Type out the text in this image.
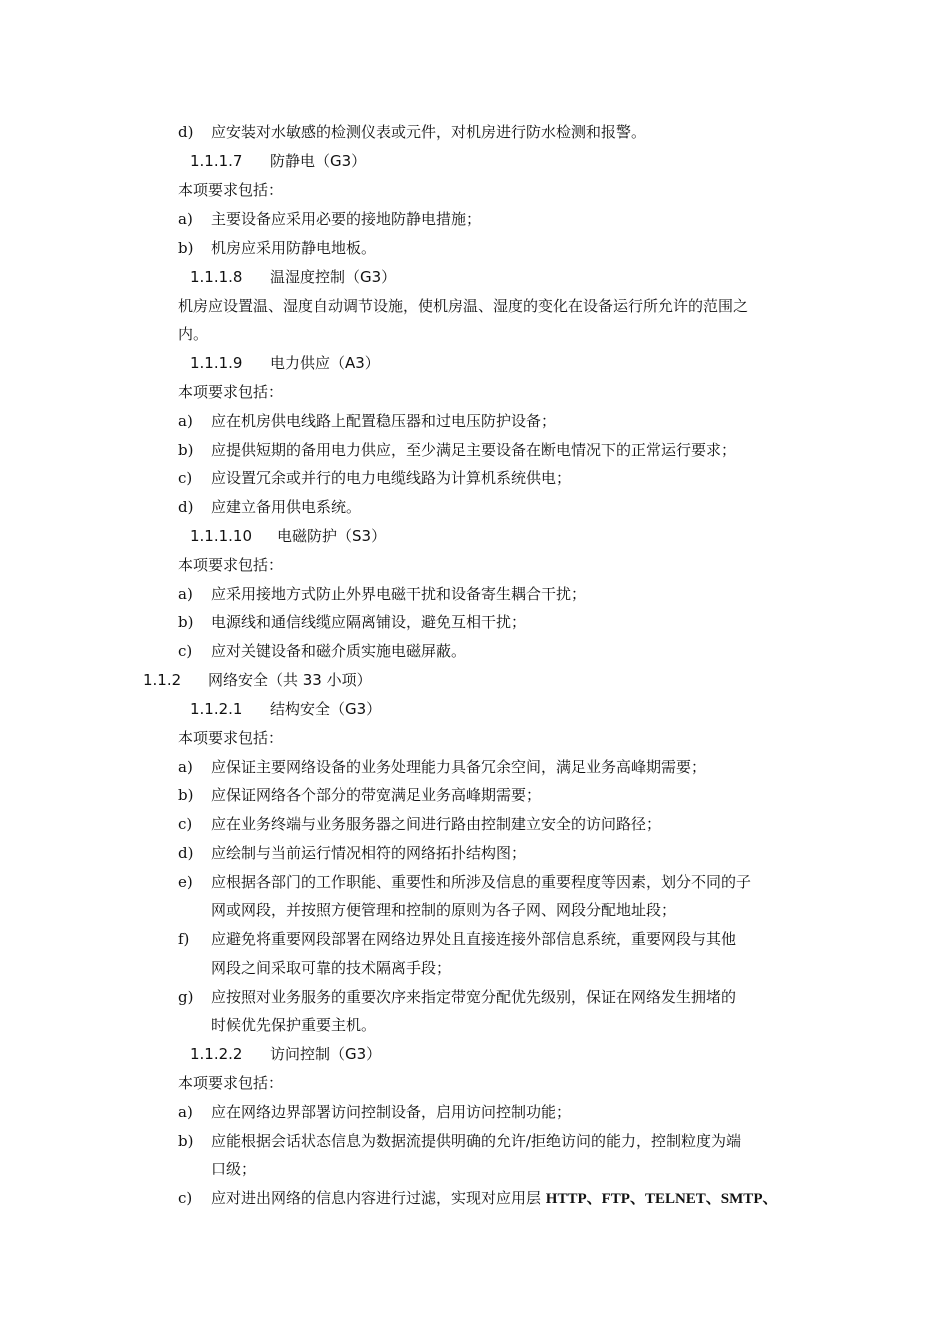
d) 应安装对水敏感的检测仪表或元件，对机房进行防水检测和报警。
1.1.1.7 防静电（G3）
本项要求包括：
a) 主要设备应采用必要的接地防静电措施；
b) 机房应采用防静电地板。
1.1.1.8 温湿度控制（G3）
机房应设置温、湿度自动调节设施，使机房温、湿度的变化在设备运行所允许的范围之
内。
1.1.1.9 电力供应（A3）
本项要求包括：
a) 应在机房供电线路上配置稳压器和过电压防护设备；
b) 应提供短期的备用电力供应，至少满足主要设备在断电情况下的正常运行要求；
c) 应设置冗余或并行的电力电缆线路为计算机系统供电；
d) 应建立备用供电系统。
1.1.1.10 电磁防护（S3）
本项要求包括：
a) 应采用接地方式防止外界电磁干扰和设备寄生耦合干扰；
b) 电源线和通信线缆应隔离铺设，避免互相干扰；
c) 应对关键设备和磁介质实施电磁屏蔽。
1.1.2 网络安全（共 33 小项）
1.1.2.1 结构安全（G3）
本项要求包括：
a) 应保证主要网络设备的业务处理能力具备冗余空间，满足业务高峰期需要；
b) 应保证网络各个部分的带宽满足业务高峰期需要；
c) 应在业务终端与业务服务器之间进行路由控制建立安全的访问路径；
d) 应绘制与当前运行情况相符的网络拓扑结构图；
e) 应根据各部门的工作职能、重要性和所涉及信息的重要程度等因素，划分不同的子
网或网段，并按照方便管理和控制的原则为各子网、网段分配地址段；
f) 应避免将重要网段部署在网络边界处且直接连接外部信息系统，重要网段与其他
网段之间采取可靠的技术隔离手段；
g) 应按照对业务服务的重要次序来指定带宽分配优先级别，保证在网络发生拥堵的
时候优先保护重要主机。
1.1.2.2 访问控制（G3）
本项要求包括：
a) 应在网络边界部署访问控制设备，启用访问控制功能；
b) 应能根据会话状态信息为数据流提供明确的允许/拒绝访问的能力，控制粒度为端
口级；
c) 应对进出网络的信息内容进行过滤，实现对应用层 HTTP、FTP、TELNET、SMTP、
